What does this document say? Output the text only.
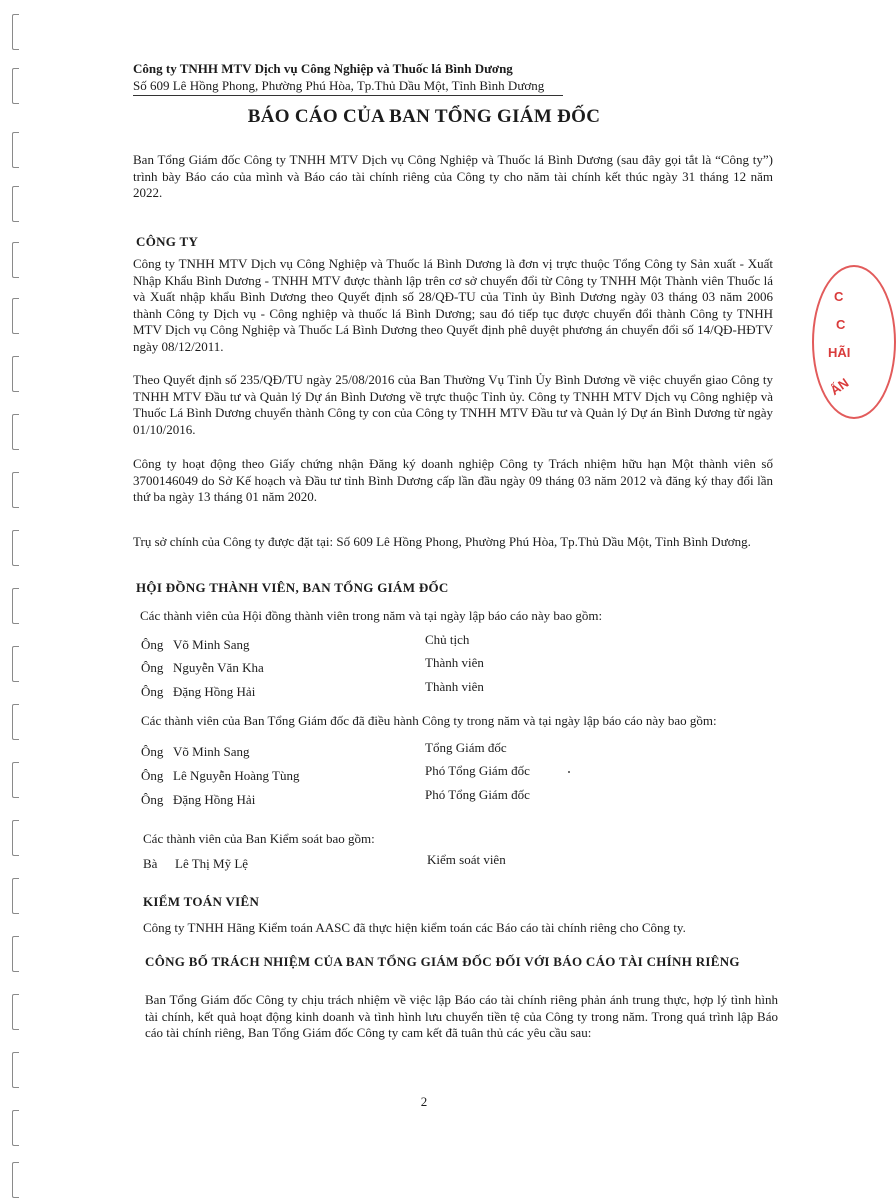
C
C
HÃI
ẤN
Công ty TNHH MTV Dịch vụ Công Nghiệp và Thuốc lá Bình Dương
Số 609 Lê Hồng Phong, Phường Phú Hòa, Tp.Thủ Dầu Một, Tỉnh Bình Dương
BÁO CÁO CỦA BAN TỔNG GIÁM ĐỐC
Ban Tổng Giám đốc Công ty TNHH MTV Dịch vụ Công Nghiệp và Thuốc lá Bình Dương (sau đây gọi tắt là “Công ty”) trình bày Báo cáo của mình và Báo cáo tài chính riêng của Công ty cho năm tài chính kết thúc ngày 31 tháng 12 năm 2022.
CÔNG TY
Công ty TNHH MTV Dịch vụ Công Nghiệp và Thuốc lá Bình Dương là đơn vị trực thuộc Tổng Công ty Sản xuất - Xuất Nhập Khẩu Bình Dương - TNHH MTV được thành lập trên cơ sở chuyển đổi từ Công ty TNHH Một Thành viên Thuốc lá và Xuất nhập khẩu Bình Dương theo Quyết định số 28/QĐ-TU của Tỉnh ủy Bình Dương ngày 03 tháng 03 năm 2006 thành Công ty Dịch vụ - Công nghiệp và thuốc lá Bình Dương; sau đó tiếp tục được chuyển đổi thành Công ty TNHH MTV Dịch vụ Công Nghiệp và Thuốc Lá Bình Dương theo Quyết định phê duyệt phương án chuyển đổi số 14/QĐ-HĐTV ngày 08/12/2011.
Theo Quyết định số 235/QĐ/TU ngày 25/08/2016 của Ban Thường Vụ Tỉnh Ủy Bình Dương về việc chuyển giao Công ty TNHH MTV Đầu tư và Quản lý Dự án Bình Dương về trực thuộc Tỉnh ủy. Công ty TNHH MTV Dịch vụ Công nghiệp và Thuốc Lá Bình Dương chuyển thành Công ty con của Công ty TNHH MTV Đầu tư và Quản lý Dự án Bình Dương từ ngày 01/10/2016.
Công ty hoạt động theo Giấy chứng nhận Đăng ký doanh nghiệp Công ty Trách nhiệm hữu hạn Một thành viên số 3700146049 do Sở Kế hoạch và Đầu tư tỉnh Bình Dương cấp lần đầu ngày 09 tháng 03 năm 2012 và đăng ký thay đổi lần thứ ba ngày 13 tháng 01 năm 2020.
Trụ sở chính của Công ty được đặt tại: Số 609 Lê Hồng Phong, Phường Phú Hòa, Tp.Thủ Dầu Một, Tỉnh Bình Dương.
HỘI ĐỒNG THÀNH VIÊN, BAN TỔNG GIÁM ĐỐC
Các thành viên của Hội đồng thành viên trong năm và tại ngày lập báo cáo này bao gồm:
Ông Võ Minh Sang	Chủ tịch
Ông Nguyễn Văn Kha	Thành viên
Ông Đặng Hồng Hải	Thành viên
Các thành viên của Ban Tổng Giám đốc đã điều hành Công ty trong năm và tại ngày lập báo cáo này bao gồm:
Ông Võ Minh Sang	Tổng Giám đốc
Ông Lê Nguyễn Hoàng Tùng	Phó Tổng Giám đốc
Ông Đặng Hồng Hải	Phó Tổng Giám đốc
Các thành viên của Ban Kiểm soát bao gồm:
Bà Lê Thị Mỹ Lệ	Kiểm soát viên
KIỂM TOÁN VIÊN
Công ty TNHH Hãng Kiểm toán AASC đã thực hiện kiểm toán các Báo cáo tài chính riêng cho Công ty.
CÔNG BỐ TRÁCH NHIỆM CỦA BAN TỔNG GIÁM ĐỐC ĐỐI VỚI BÁO CÁO TÀI CHÍNH RIÊNG
Ban Tổng Giám đốc Công ty chịu trách nhiệm về việc lập Báo cáo tài chính riêng phản ánh trung thực, hợp lý tình hình tài chính, kết quả hoạt động kinh doanh và tình hình lưu chuyển tiền tệ của Công ty trong năm. Trong quá trình lập Báo cáo tài chính riêng, Ban Tổng Giám đốc Công ty cam kết đã tuân thủ các yêu cầu sau:
2
